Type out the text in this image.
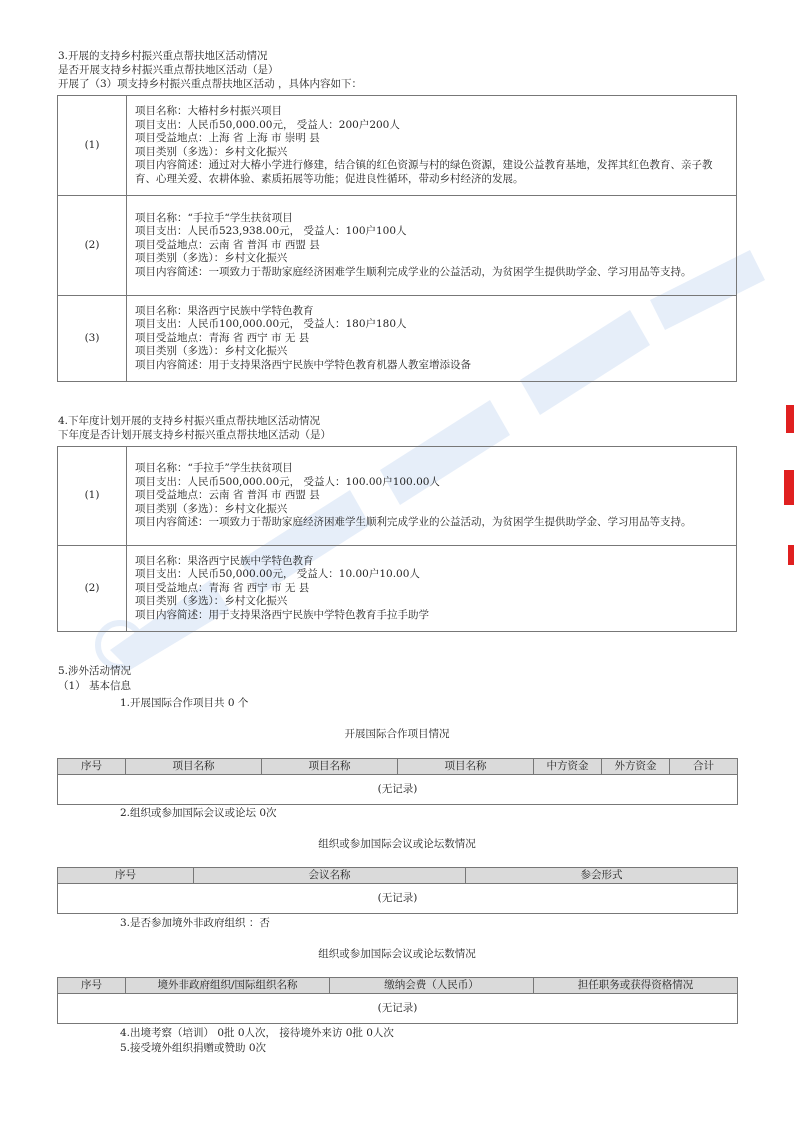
3.开展的支持乡村振兴重点帮扶地区活动情况
是否开展支持乡村振兴重点帮扶地区活动（是）
开展了（3）项支持乡村振兴重点帮扶地区活动 ，具体内容如下：
(1)	项目名称：大椿村乡村振兴项目
项目支出：人民币50,000.00元， 受益人：200户200人
项目受益地点：上海 省 上海 市 崇明 县
项目类别（多选）：乡村文化振兴
项目内容简述：通过对大椿小学进行修建，结合镇的红色资源与村的绿色资源，建设公益教育基地，发挥其红色教育、亲子教育、心理关爱、农耕体验、素质拓展等功能；促进良性循环，带动乡村经济的发展。

(2)	项目名称：“手拉手“学生扶贫项目
项目支出：人民币523,938.00元， 受益人：100户100人
项目受益地点：云南 省 普洱 市 西盟 县
项目类别（多选）：乡村文化振兴
项目内容简述：一项致力于帮助家庭经济困难学生顺利完成学业的公益活动，为贫困学生提供助学金、学习用品等支持。

(3)	项目名称：果洛西宁民族中学特色教育
项目支出：人民币100,000.00元， 受益人：180户180人
项目受益地点：青海 省 西宁 市 无 县
项目类别（多选）：乡村文化振兴
项目内容简述：用于支持果洛西宁民族中学特色教育机器人教室增添设备
4.下年度计划开展的支持乡村振兴重点帮扶地区活动情况
下年度是否计划开展支持乡村振兴重点帮扶地区活动（是）
(1)	项目名称：“手拉手”学生扶贫项目
项目支出：人民币500,000.00元， 受益人：100.00户100.00人
项目受益地点：云南 省 普洱 市 西盟 县
项目类别（多选）：乡村文化振兴
项目内容简述：一项致力于帮助家庭经济困难学生顺利完成学业的公益活动，为贫困学生提供助学金、学习用品等支持。

(2)	项目名称：果洛西宁民族中学特色教育
项目支出：人民币50,000.00元， 受益人：10.00户10.00人
项目受益地点：青海 省 西宁 市 无 县
项目类别（多选）：乡村文化振兴
项目内容简述：用于支持果洛西宁民族中学特色教育手拉手助学
5.涉外活动情况
（1） 基本信息
1.开展国际合作项目共 0 个
开展国际合作项目情况
序号	项目名称	项目名称	项目名称	中方资金	外方资金	合计
(无记录)
2.组织或参加国际会议或论坛 0次
组织或参加国际会议或论坛数情况
序号	会议名称	参会形式
(无记录)
3.是否参加境外非政府组织 ：否
组织或参加国际会议或论坛数情况
序号	境外非政府组织/国际组织名称	缴纳会费（人民币）	担任职务或获得资格情况
(无记录)
4.出境考察（培训） 0批 0人次， 接待境外来访 0批 0人次
5.接受境外组织捐赠或赞助 0次
